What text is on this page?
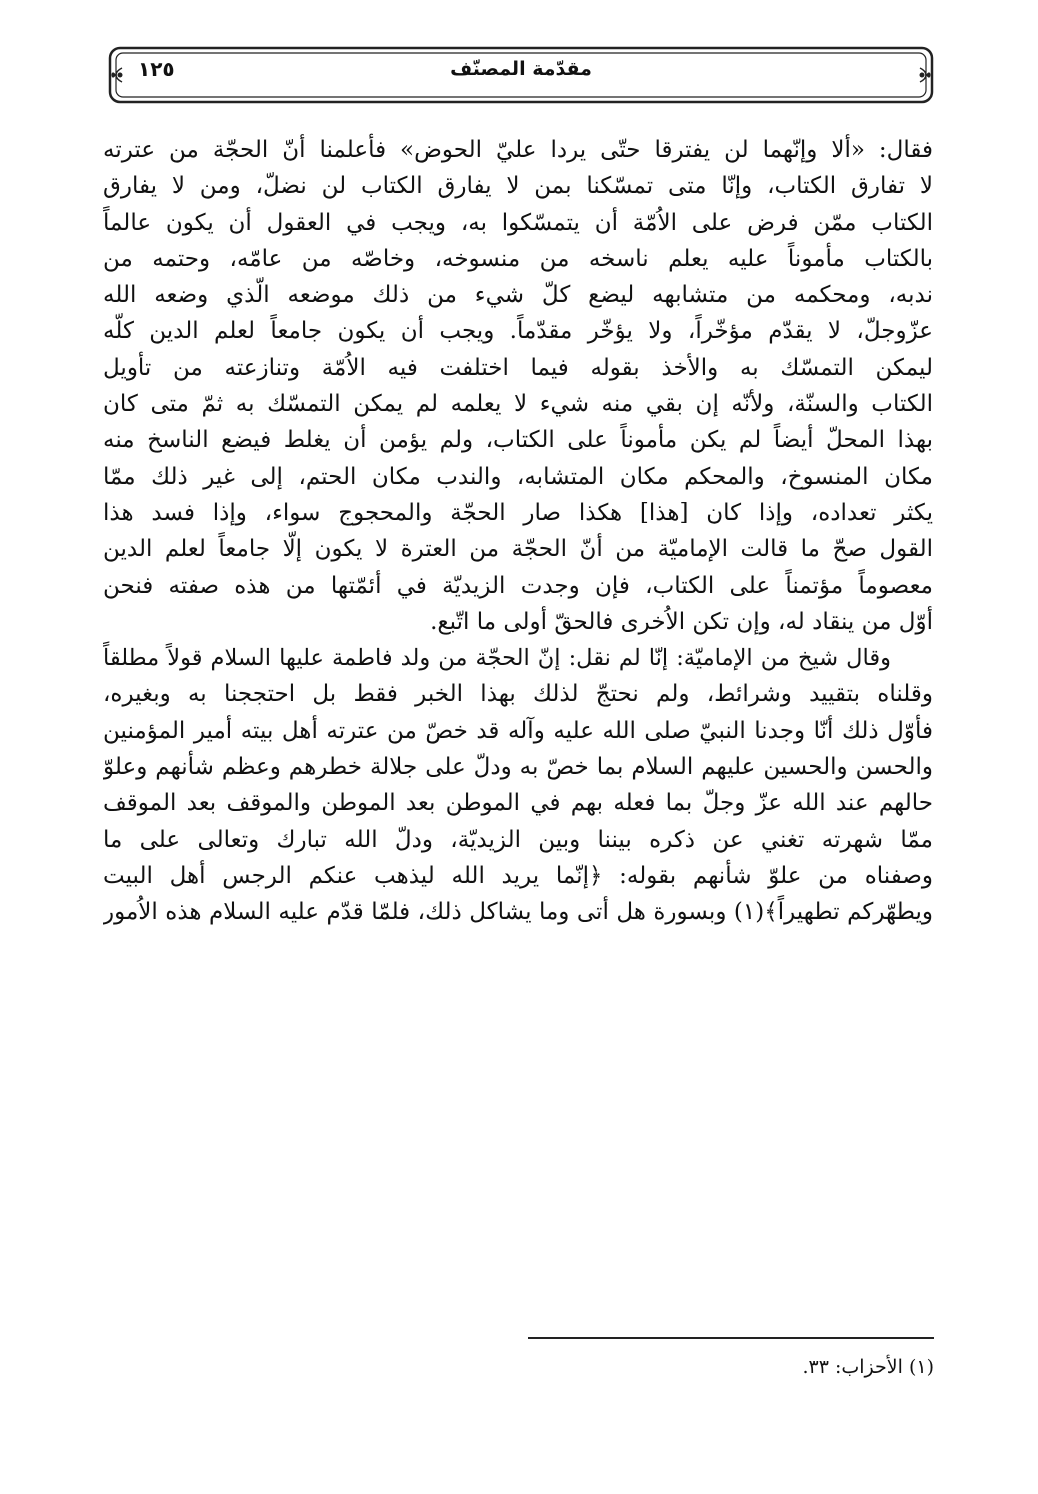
مقدّمة المصنّف
١٢٥
فقال: «ألا وإنّهما لن يفترقا حتّى يردا عليّ الحوض» فأعلمنا أنّ الحجّة من عترته
لا تفارق الكتاب، وإنّا متى تمسّكنا بمن لا يفارق الكتاب لن نضلّ، ومن لا يفارق
الكتاب ممّن فرض على الاُمّة أن يتمسّكوا به، ويجب في العقول أن يكون عالماً
بالكتاب مأموناً عليه يعلم ناسخه من منسوخه، وخاصّه من عامّه، وحتمه من
ندبه، ومحكمه من متشابهه ليضع كلّ شيء من ذلك موضعه الّذي وضعه الله
عزّوجلّ، لا يقدّم مؤخّراً، ولا يؤخّر مقدّماً. ويجب أن يكون جامعاً لعلم الدين كلّه
ليمكن التمسّك به والأخذ بقوله فيما اختلفت فيه الاُمّة وتنازعته من تأويل
الكتاب والسنّة، ولأنّه إن بقي منه شيء لا يعلمه لم يمكن التمسّك به ثمّ متى كان
بهذا المحلّ أيضاً لم يكن مأموناً على الكتاب، ولم يؤمن أن يغلط فيضع الناسخ منه
مكان المنسوخ، والمحكم مكان المتشابه، والندب مكان الحتم، إلى غير ذلك ممّا
يكثر تعداده، وإذا كان [هذا] هكذا صار الحجّة والمحجوج سواء، وإذا فسد هذا
القول صحّ ما قالت الإماميّة من أنّ الحجّة من العترة لا يكون إلّا جامعاً لعلم الدين
معصوماً مؤتمناً على الكتاب، فإن وجدت الزيديّة في أئمّتها من هذه صفته فنحن
أوّل من ينقاد له، وإن تكن الاُخرى فالحقّ أولى ما اتّبع.
وقال شيخ من الإماميّة: إنّا لم نقل: إنّ الحجّة من ولد فاطمة عليها السلام قولاً مطلقاً
وقلناه بتقييد وشرائط، ولم نحتجّ لذلك بهذا الخبر فقط بل احتججنا به وبغيره،
فأوّل ذلك أنّا وجدنا النبيّ صلى الله عليه وآله قد خصّ من عترته أهل بيته أمير المؤمنين
والحسن والحسين عليهم السلام بما خصّ به ودلّ على جلالة خطرهم وعظم شأنهم وعلوّ
حالهم عند الله عزّ وجلّ بما فعله بهم في الموطن بعد الموطن والموقف بعد الموقف
ممّا شهرته تغني عن ذكره بيننا وبين الزيديّة، ودلّ الله تبارك وتعالى على ما
وصفناه من علوّ شأنهم بقوله: ﴿إنّما يريد الله ليذهب عنكم الرجس أهل البيت
ويطهّركم تطهيراً﴾(١) وبسورة هل أتى وما يشاكل ذلك، فلمّا قدّم عليه السلام هذه الاُمور
(١) الأحزاب: ٣٣.
